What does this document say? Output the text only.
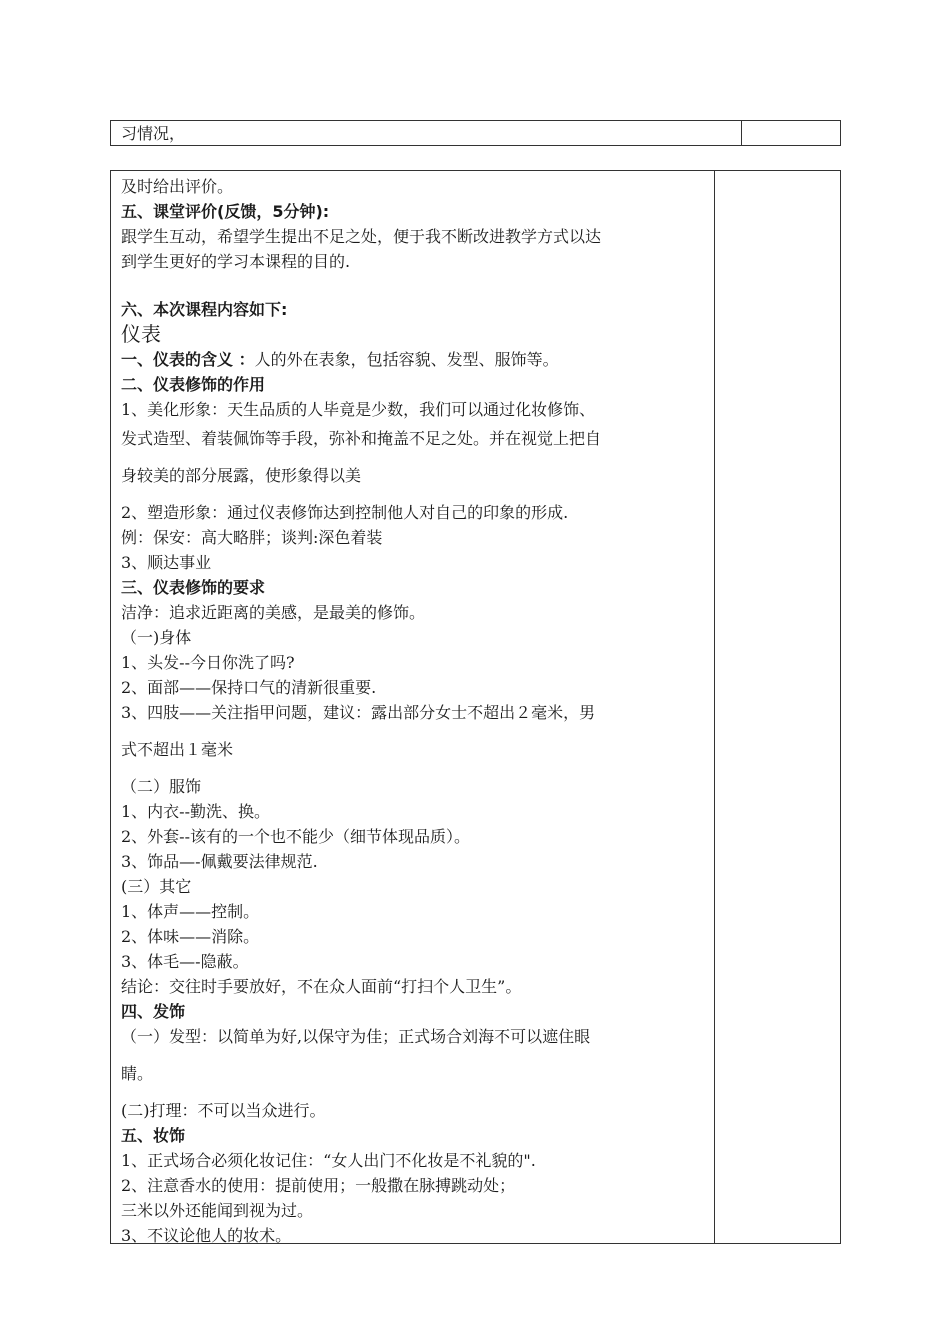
习情况，
及时给出评价。
五、课堂评价(反馈，5分钟):
跟学生互动，希望学生提出不足之处，便于我不断改进教学方式以达
到学生更好的学习本课程的目的.
六、本次课程内容如下:
仪表
一、仪表的含义 ：人的外在表象，包括容貌、发型、服饰等。
二、仪表修饰的作用
1、美化形象：天生品质的人毕竟是少数，我们可以通过化妆修饰、
发式造型、着装佩饰等手段，弥补和掩盖不足之处。并在视觉上把自
身较美的部分展露，使形象得以美
2、塑造形象：通过仪表修饰达到控制他人对自己的印象的形成.
例：保安：高大略胖；谈判:深色着装
3、顺达事业
三、仪表修饰的要求
洁净：追求近距离的美感，是最美的修饰。
（一)身体
1、头发--今日你洗了吗?
2、面部——保持口气的清新很重要.
3、四肢——关注指甲问题，建议：露出部分女士不超出２毫米，男
式不超出１毫米
（二）服饰
1、内衣--勤洗、换。
2、外套--该有的一个也不能少（细节体现品质）。
3、饰品—-佩戴要法律规范.
(三）其它
1、体声——控制。
2、体味——消除。
3、体毛—-隐蔽。
结论：交往时手要放好，不在众人面前“打扫个人卫生”。
四、发饰
（一）发型：以简单为好,以保守为佳；正式场合刘海不可以遮住眼
睛。
(二)打理：不可以当众进行。
五、妆饰
1、正式场合必须化妆记住：“女人出门不化妆是不礼貌的".
2、注意香水的使用：提前使用；一般撒在脉搏跳动处；
三米以外还能闻到视为过。
3、不议论他人的妆术。
